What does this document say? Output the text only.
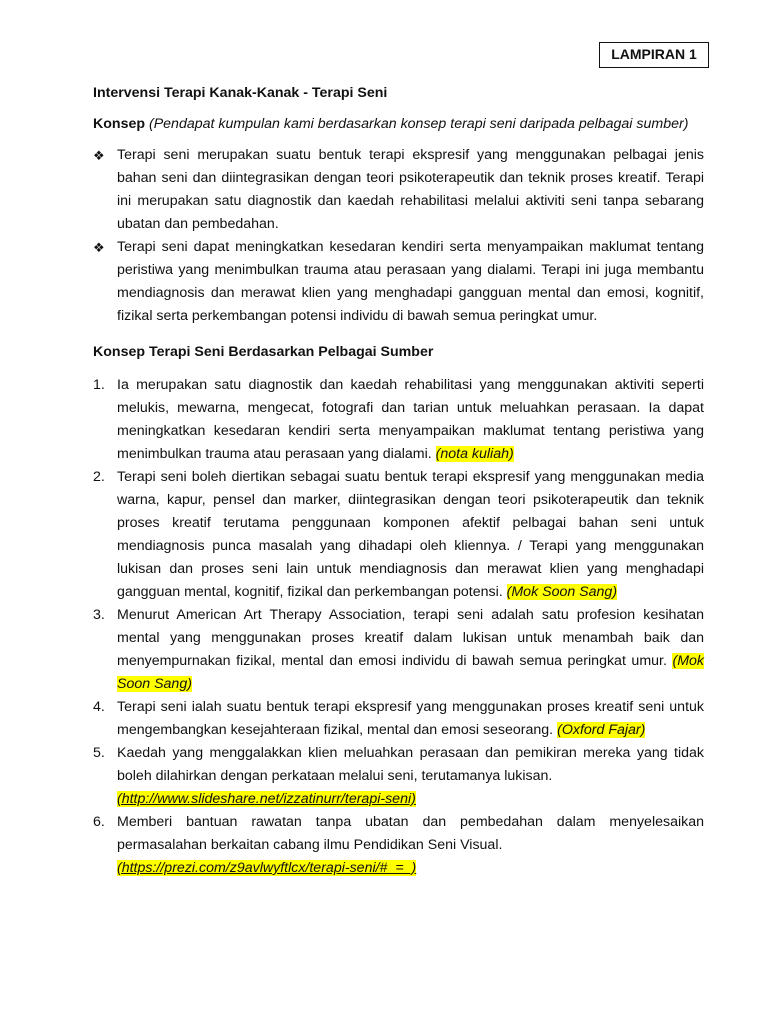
LAMPIRAN 1

Intervensi Terapi Kanak-Kanak - Terapi Seni

Konsep (Pendapat kumpulan kami berdasarkan konsep terapi seni daripada pelbagai sumber)

❖ Terapi seni merupakan suatu bentuk terapi ekspresif yang menggunakan pelbagai jenis bahan seni dan diintegrasikan dengan teori psikoterapeutik dan teknik proses kreatif. Terapi ini merupakan satu diagnostik dan kaedah rehabilitasi melalui aktiviti seni tanpa sebarang ubatan dan pembedahan.
❖ Terapi seni dapat meningkatkan kesedaran kendiri serta menyampaikan maklumat tentang peristiwa yang menimbulkan trauma atau perasaan yang dialami. Terapi ini juga membantu mendiagnosis dan merawat klien yang menghadapi gangguan mental dan emosi, kognitif, fizikal serta perkembangan potensi individu di bawah semua peringkat umur.

Konsep Terapi Seni Berdasarkan Pelbagai Sumber

1. Ia merupakan satu diagnostik dan kaedah rehabilitasi yang menggunakan aktiviti seperti melukis, mewarna, mengecat, fotografi dan tarian untuk meluahkan perasaan. Ia dapat meningkatkan kesedaran kendiri serta menyampaikan maklumat tentang peristiwa yang menimbulkan trauma atau perasaan yang dialami. (nota kuliah)
2. Terapi seni boleh diertikan sebagai suatu bentuk terapi ekspresif yang menggunakan media warna, kapur, pensel dan marker, diintegrasikan dengan teori psikoterapeutik dan teknik proses kreatif terutama penggunaan komponen afektif pelbagai bahan seni untuk mendiagnosis punca masalah yang dihadapi oleh kliennya. / Terapi yang menggunakan lukisan dan proses seni lain untuk mendiagnosis dan merawat klien yang menghadapi gangguan mental, kognitif, fizikal dan perkembangan potensi. (Mok Soon Sang)
3. Menurut American Art Therapy Association, terapi seni adalah satu profesion kesihatan mental yang menggunakan proses kreatif dalam lukisan untuk menambah baik dan menyempurnakan fizikal, mental dan emosi individu di bawah semua peringkat umur. (Mok Soon Sang)
4. Terapi seni ialah suatu bentuk terapi ekspresif yang menggunakan proses kreatif seni untuk mengembangkan kesejahteraan fizikal, mental dan emosi seseorang. (Oxford Fajar)
5. Kaedah yang menggalakkan klien meluahkan perasaan dan pemikiran mereka yang tidak boleh dilahirkan dengan perkataan melalui seni, terutamanya lukisan.
(http://www.slideshare.net/izzatinurr/terapi-seni)
6. Memberi bantuan rawatan tanpa ubatan dan pembedahan dalam menyelesaikan permasalahan berkaitan cabang ilmu Pendidikan Seni Visual.
(https://prezi.com/z9avlwyftlcx/terapi-seni/#_=_)
